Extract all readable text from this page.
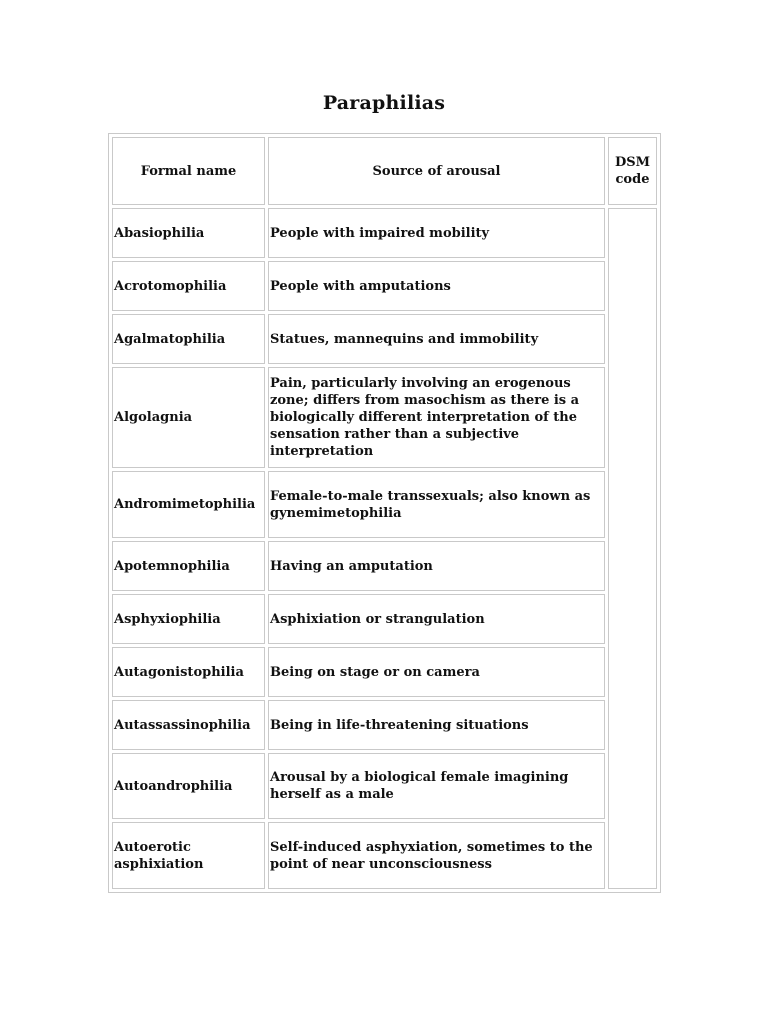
Paraphilias
Formal name	Source of arousal	DSM code
Abasiophilia	People with impaired mobility	
Acrotomophilia	People with amputations	
Agalmatophilia	Statues, mannequins and immobility	
Algolagnia	Pain, particularly involving an erogenous zone; differs from masochism as there is a biologically different interpretation of the sensation rather than a subjective interpretation	
Andromimetophilia	Female-to-male transsexuals; also known as gynemimetophilia	
Apotemnophilia	Having an amputation	
Asphyxiophilia	Asphixiation or strangulation	
Autagonistophilia	Being on stage or on camera	
Autassassinophilia	Being in life-threatening situations	
Autoandrophilia	Arousal by a biological female imagining herself as a male	
Autoerotic asphixiation	Self-induced asphyxiation, sometimes to the point of near unconsciousness	
